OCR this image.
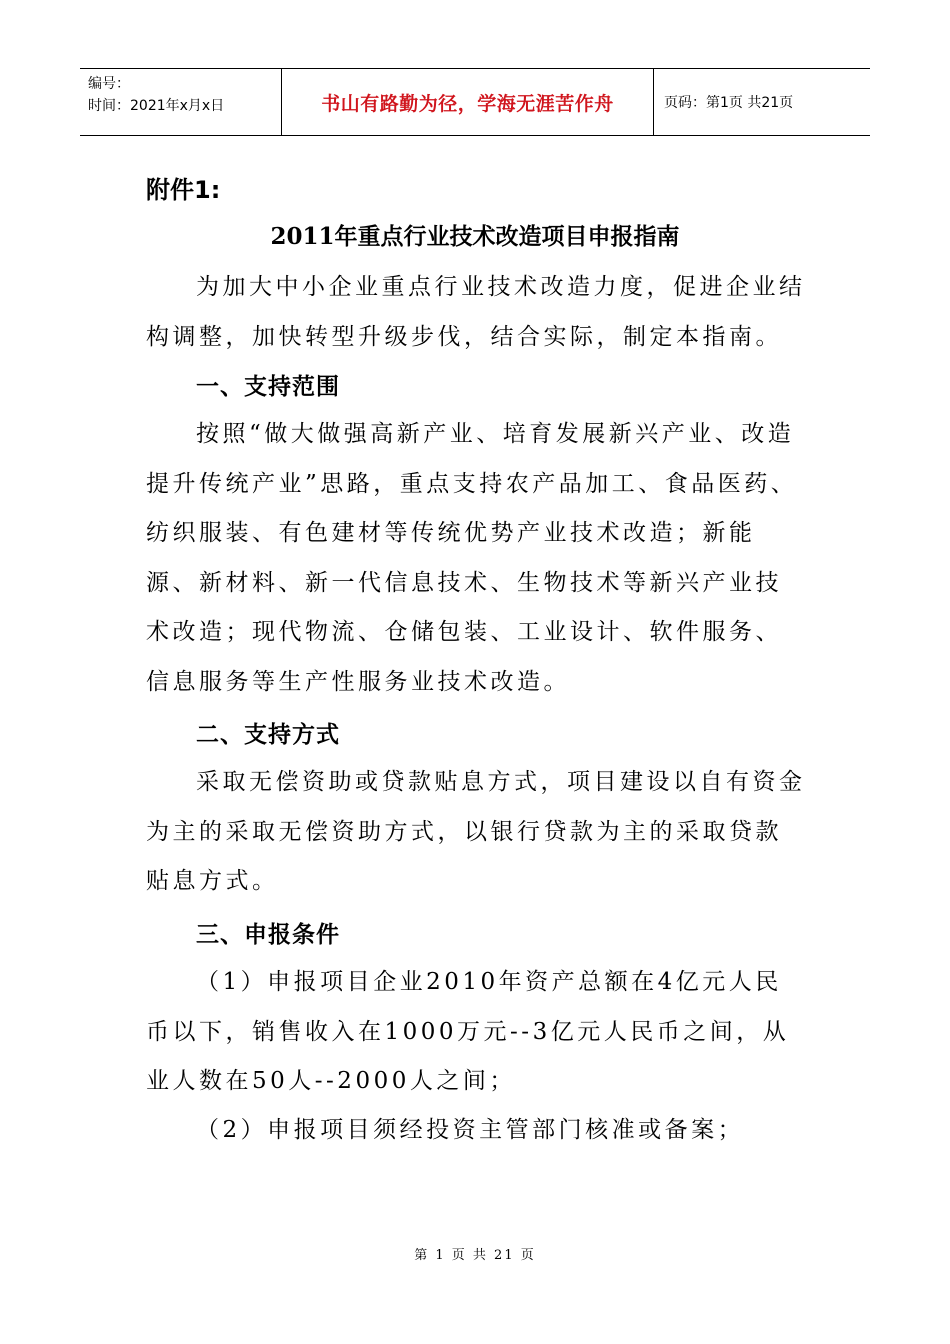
编号：
时间：2021年x月x日	书山有路勤为径，学海无涯苦作舟	页码：第1页 共21页
附件1:
2011年重点行业技术改造项目申报指南

为加大中小企业重点行业技术改造力度，促进企业结构调整，加快转型升级步伐，结合实际，制定本指南。

一、支持范围

按照“做大做强高新产业、培育发展新兴产业、改造提升传统产业”思路，重点支持农产品加工、食品医药、纺织服装、有色建材等传统优势产业技术改造；新能源、新材料、新一代信息技术、生物技术等新兴产业技术改造；现代物流、仓储包装、工业设计、软件服务、信息服务等生产性服务业技术改造。

二、支持方式

采取无偿资助或贷款贴息方式，项目建设以自有资金为主的采取无偿资助方式，以银行贷款为主的采取贷款贴息方式。

三、申报条件

（1）申报项目企业2010年资产总额在4亿元人民币以下，销售收入在1000万元--3亿元人民币之间，从业人数在50人--2000人之间；

（2）申报项目须经投资主管部门核准或备案；

第 1 页 共 21 页
